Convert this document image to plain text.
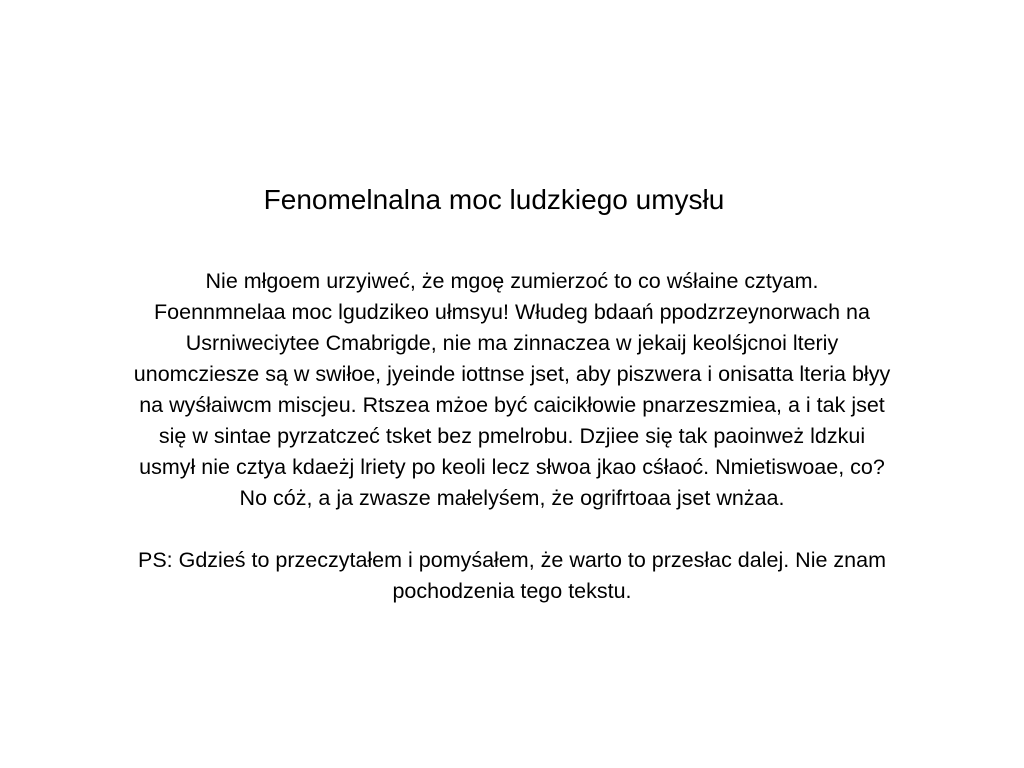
Fenomelnalna moc ludzkiego umysłu

Nie młgoem urzyiweć, że mgoę zumierzoć to co wśłaine cztyam.
Foennmnelaa moc lgudzikeo ułmsyu! Włudeg bdaań ppodzrzeynorwach na
Usrniweciytee Cmabrigde, nie ma zinnaczea w jekaij keolśjcnoi lteriy
unomcziesze są w swiłoe, jyeinde iottnse jset, aby piszwera i onisatta lteria błyy
na wyśłaiwcm miscjeu. Rtszea mżoe być caicikłowie pnarzeszmiea, a i tak jset
się w sintae pyrzatczeć tsket bez pmelrobu. Dzjiee się tak paoinweż ldzkui
usmył nie cztya kdaeżj lriety po keoli lecz słwoa jkao cśłaoć. Nmietiswoae, co?
No cóż, a ja zwasze małelyśem, że ogrifrtoaa jset wnżaa.

PS: Gdzieś to przeczytałem i pomyśałem, że warto to przesłac dalej. Nie znam
pochodzenia tego tekstu.
